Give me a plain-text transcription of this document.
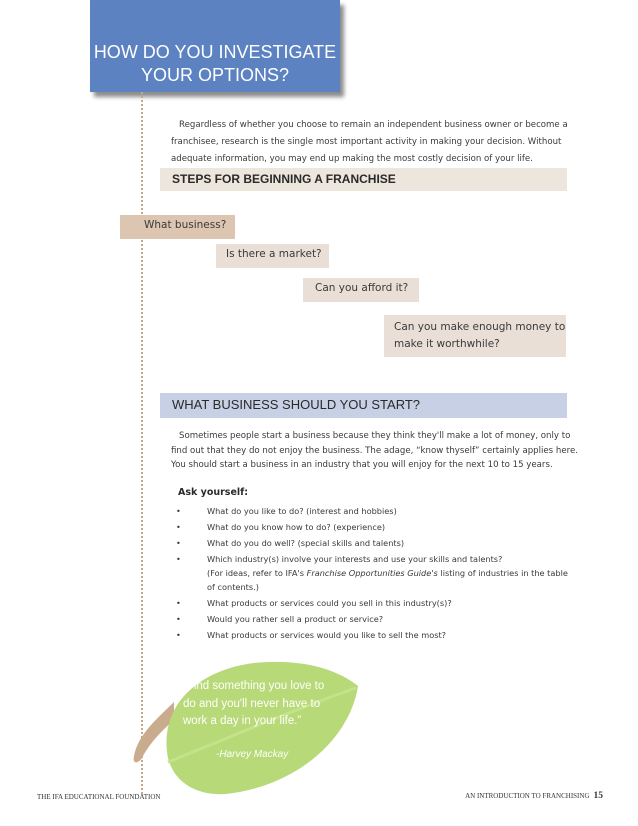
HOW DO YOU INVESTIGATE
YOUR OPTIONS?

Regardless of whether you choose to remain an independent business owner or become a franchisee, research is the single most important activity in making your decision. Without adequate information, you may end up making the most costly decision of your life.

STEPS FOR BEGINNING A FRANCHISE
What business?
Is there a market?
Can you afford it?
Can you make enough money to make it worthwhile?
WHAT BUSINESS SHOULD YOU START?

Sometimes people start a business because they think they'll make a lot of money, only to find out that they do not enjoy the business. The adage, “know thyself” certainly applies here. You should start a business in an industry that you will enjoy for the next 10 to 15 years.

Ask yourself:
•	What do you like to do? (interest and hobbies)
•	What do you know how to do? (experience)
•	What do you do well? (special skills and talents)
•	Which industry(s) involve your interests and use your skills and talents?
(For ideas, refer to IFA's Franchise Opportunities Guide's listing of industries in the table of contents.)
•	What products or services could you sell in this industry(s)?
•	Would you rather sell a product or service?
•	What products or services would you like to sell the most?
“Find something you love to do and you'll never have to work a day in your life.”
-Harvey Mackay
THE IFA EDUCATIONAL FOUNDATION	AN INTRODUCTION TO FRANCHISING 15
